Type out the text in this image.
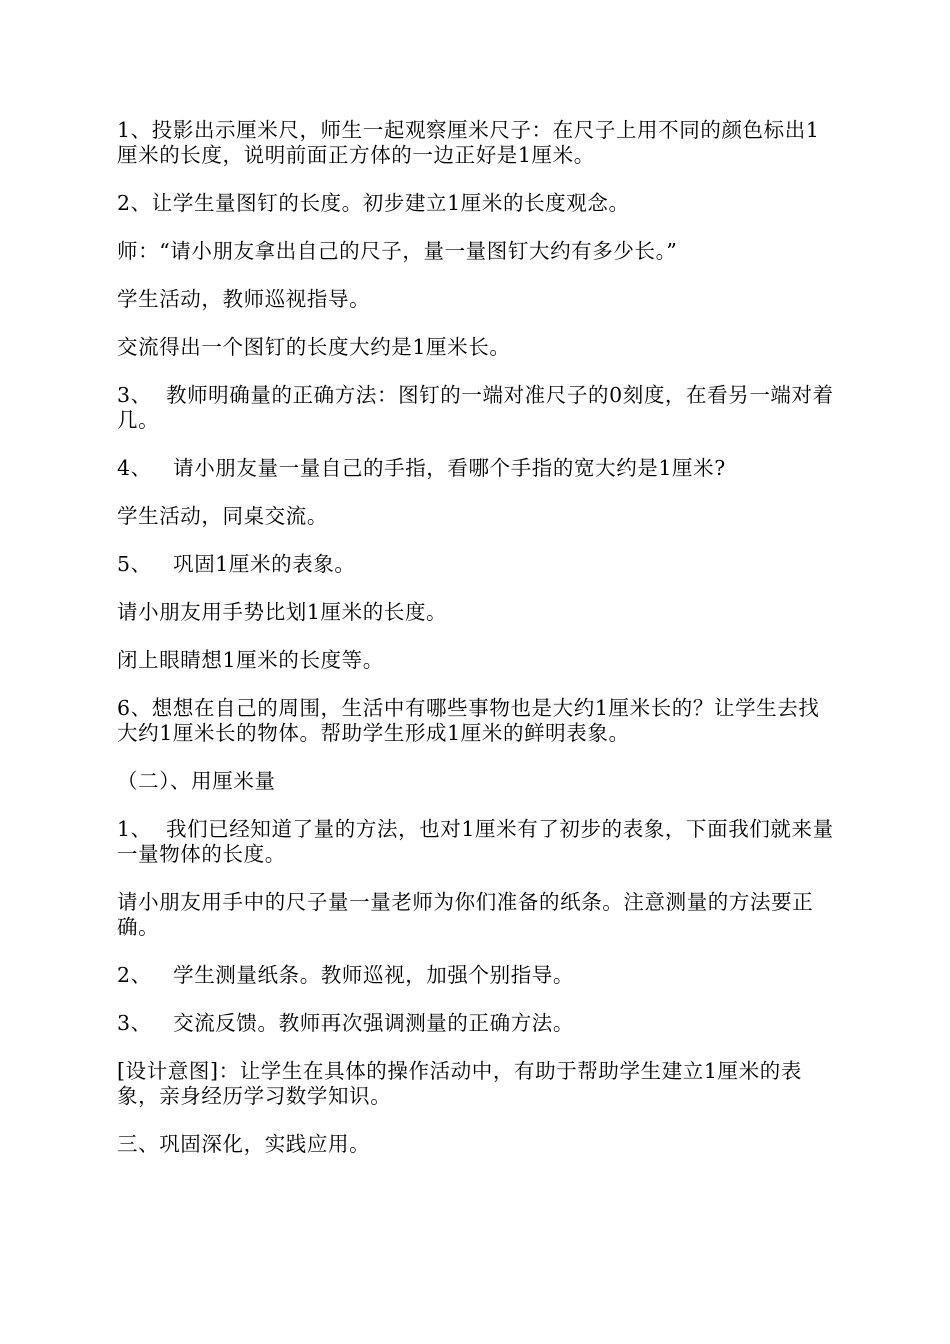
1、投影出示厘米尺，师生一起观察厘米尺子：在尺子上用不同的颜色标出1厘米的长度，说明前面正方体的一边正好是1厘米。

2、让学生量图钉的长度。初步建立1厘米的长度观念。

师：“请小朋友拿出自己的尺子，量一量图钉大约有多少长。”

学生活动，教师巡视指导。

交流得出一个图钉的长度大约是1厘米长。

3、  教师明确量的正确方法：图钉的一端对准尺子的0刻度，在看另一端对着几。

4、   请小朋友量一量自己的手指，看哪个手指的宽大约是1厘米?

学生活动，同桌交流。

5、   巩固1厘米的表象。

请小朋友用手势比划1厘米的长度。

闭上眼睛想1厘米的长度等。

6、想想在自己的周围，生活中有哪些事物也是大约1厘米长的？让学生去找大约1厘米长的物体。帮助学生形成1厘米的鲜明表象。

（二）、用厘米量

1、  我们已经知道了量的方法，也对1厘米有了初步的表象，下面我们就来量一量物体的长度。

请小朋友用手中的尺子量一量老师为你们准备的纸条。注意测量的方法要正确。

2、   学生测量纸条。教师巡视，加强个别指导。

3、   交流反馈。教师再次强调测量的正确方法。

[设计意图]：让学生在具体的操作活动中，有助于帮助学生建立1厘米的表象，亲身经历学习数学知识。

三、巩固深化，实践应用。
